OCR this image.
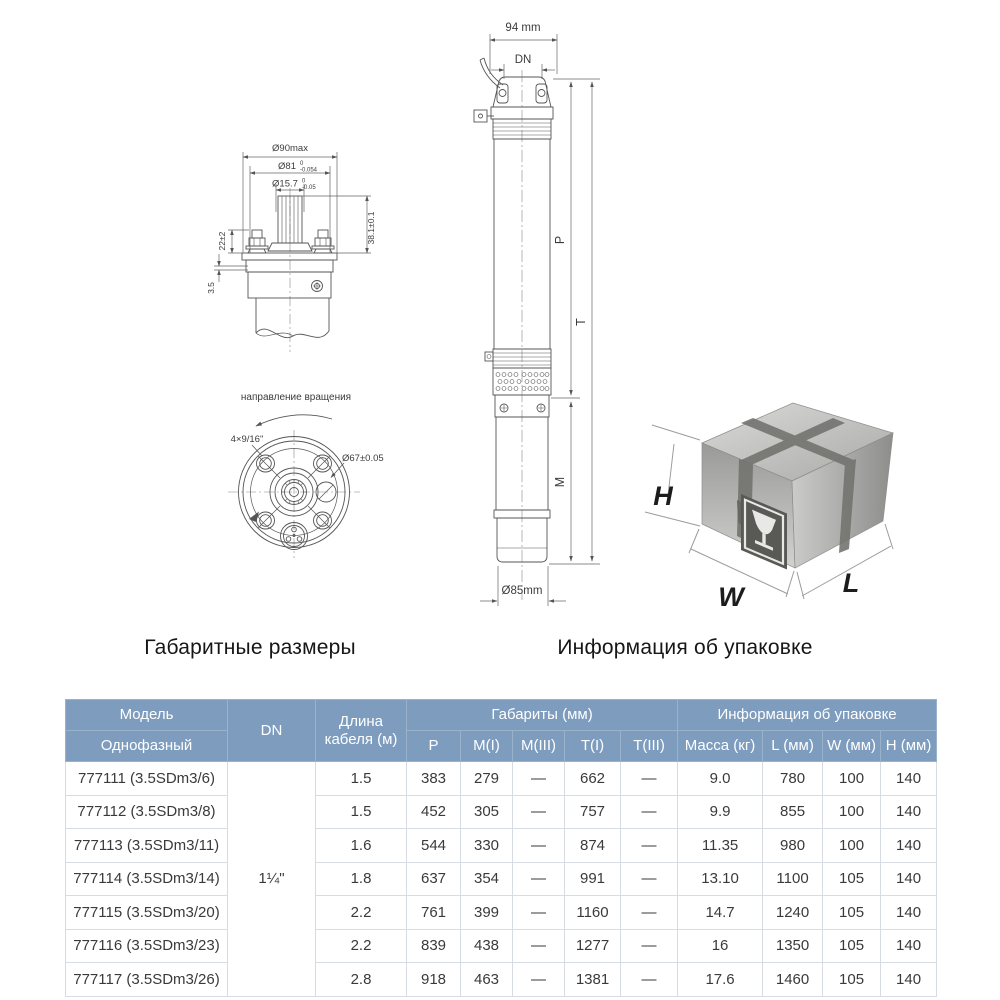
Ø90max
Ø81 0
-0.054
Ø15.7 0
-0.05
38.1±0.1
22±2
3.5
направление вращения
4×9/16"
Ø67±0.05
94 mm
DN
P
T
M
Ø85mm
H
W	L
Габаритные размеры	Информация об упаковке
Модель	DN	Длина кабеля (м)	Габариты (мм)					Информация об упаковке			
Однофазный			P	M(I)	M(III)	T(I)	T(III)	Масса (кг)	L (мм)	W (мм)	H (мм)
777111 (3.5SDm3/6)	1¼"	1.5	383	279	—	662	—	9.0	780	100	140
777112 (3.5SDm3/8)		1.5	452	305	—	757	—	9.9	855	100	140
777113 (3.5SDm3/11)		1.6	544	330	—	874	—	11.35	980	100	140
777114 (3.5SDm3/14)		1.8	637	354	—	991	—	13.10	1100	105	140
777115 (3.5SDm3/20)		2.2	761	399	—	1160	—	14.7	1240	105	140
777116 (3.5SDm3/23)		2.2	839	438	—	1277	—	16	1350	105	140
777117 (3.5SDm3/26)		2.8	918	463	—	1381	—	17.6	1460	105	140
